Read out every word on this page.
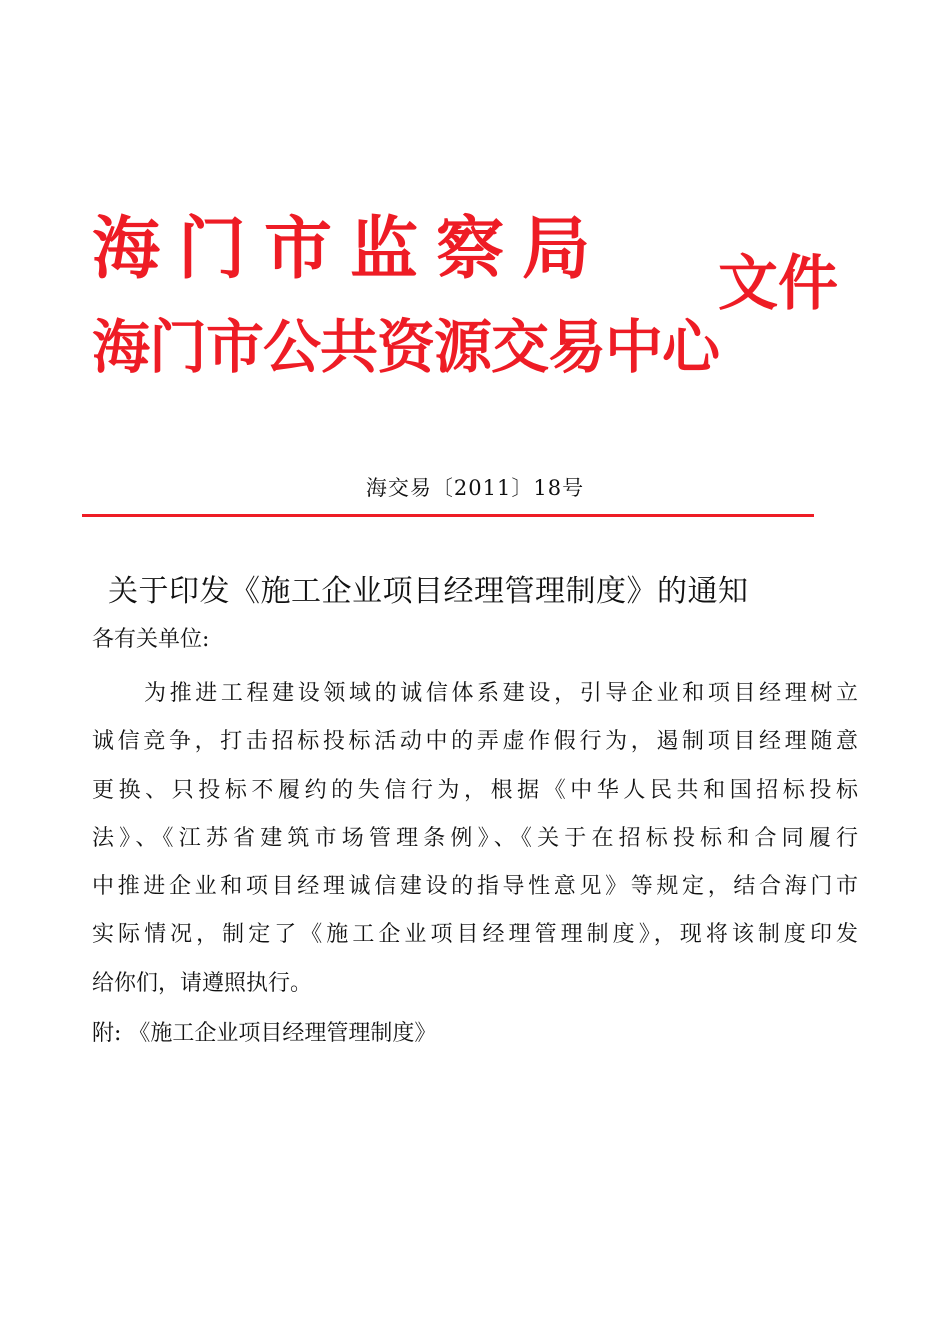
海门市监察局
海门市公共资源交易中心
文件
海交易〔2011〕18号
关于印发《施工企业项目经理管理制度》的通知
各有关单位:
为推进工程建设领域的诚信体系建设，引导企业和项目经理树立
诚信竞争，打击招标投标活动中的弄虚作假行为，遏制项目经理随意
更换、只投标不履约的失信行为，根据《中华人民共和国招标投标
法》、《江苏省建筑市场管理条例》、《关于在招标投标和合同履行
中推进企业和项目经理诚信建设的指导性意见》等规定，结合海门市
实际情况，制定了《施工企业项目经理管理制度》，现将该制度印发
给你们，请遵照执行。
附: 《施工企业项目经理管理制度》
